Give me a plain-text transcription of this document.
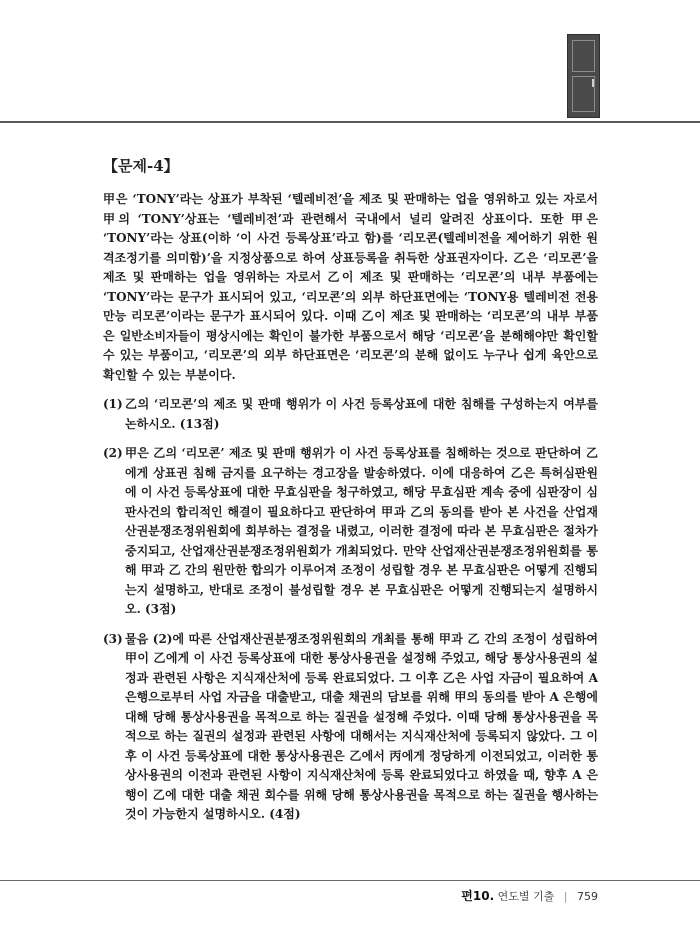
【문제-4】

甲은 ‘TONY’라는 상표가 부착된 ‘텔레비전’을 제조 및 판매하는 업을 영위하고 있는 자로서 甲의 ‘TONY’상표는 ‘텔레비전’과 관련해서 국내에서 널리 알려진 상표이다. 또한 甲은 ‘TONY’라는 상표(이하 ‘이 사건 등록상표’라고 함)를 ‘리모콘(텔레비전을 제어하기 위한 원격조정기를 의미함)’을 지정상품으로 하여 상표등록을 취득한 상표권자이다. 乙은 ‘리모콘’을 제조 및 판매하는 업을 영위하는 자로서 乙이 제조 및 판매하는 ‘리모콘’의 내부 부품에는 ‘TONY’라는 문구가 표시되어 있고, ‘리모콘’의 외부 하단표면에는 ‘TONY용 텔레비전 전용 만능 리모콘’이라는 문구가 표시되어 있다. 이때 乙이 제조 및 판매하는 ‘리모콘’의 내부 부품은 일반소비자들이 평상시에는 확인이 불가한 부품으로서 해당 ‘리모콘’을 분해해야만 확인할 수 있는 부품이고, ‘리모콘’의 외부 하단표면은 ‘리모콘’의 분해 없이도 누구나 쉽게 육안으로 확인할 수 있는 부분이다.

(1) 乙의 ‘리모콘’의 제조 및 판매 행위가 이 사건 등록상표에 대한 침해를 구성하는지 여부를 논하시오. (13점)
(2) 甲은 乙의 ‘리모콘’ 제조 및 판매 행위가 이 사건 등록상표를 침해하는 것으로 판단하여 乙에게 상표권 침해 금지를 요구하는 경고장을 발송하였다. 이에 대응하여 乙은 특허심판원에 이 사건 등록상표에 대한 무효심판을 청구하였고, 해당 무효심판 계속 중에 심판장이 심판사건의 합리적인 해결이 필요하다고 판단하여 甲과 乙의 동의를 받아 본 사건을 산업재산권분쟁조정위원회에 회부하는 결정을 내렸고, 이러한 결정에 따라 본 무효심판은 절차가 중지되고, 산업재산권분쟁조정위원회가 개최되었다. 만약 산업재산권분쟁조정위원회를 통해 甲과 乙 간의 원만한 합의가 이루어져 조정이 성립할 경우 본 무효심판은 어떻게 진행되는지 설명하고, 반대로 조정이 불성립할 경우 본 무효심판은 어떻게 진행되는지 설명하시오. (3점)
(3) 물음 (2)에 따른 산업재산권분쟁조정위원회의 개최를 통해 甲과 乙 간의 조정이 성립하여 甲이 乙에게 이 사건 등록상표에 대한 통상사용권을 설정해 주었고, 해당 통상사용권의 설정과 관련된 사항은 지식재산처에 등록 완료되었다. 그 이후 乙은 사업 자금이 필요하여 A 은행으로부터 사업 자금을 대출받고, 대출 채권의 담보를 위해 甲의 동의를 받아 A 은행에 대해 당해 통상사용권을 목적으로 하는 질권을 설정해 주었다. 이때 당해 통상사용권을 목적으로 하는 질권의 설정과 관련된 사항에 대해서는 지식재산처에 등록되지 않았다. 그 이후 이 사건 등록상표에 대한 통상사용권은 乙에서 丙에게 정당하게 이전되었고, 이러한 통상사용권의 이전과 관련된 사항이 지식재산처에 등록 완료되었다고 하였을 때, 향후 A 은행이 乙에 대한 대출 채권 회수를 위해 당해 통상사용권을 목적으로 하는 질권을 행사하는 것이 가능한지 설명하시오. (4점)
편10. 연도별 기출 | 759
